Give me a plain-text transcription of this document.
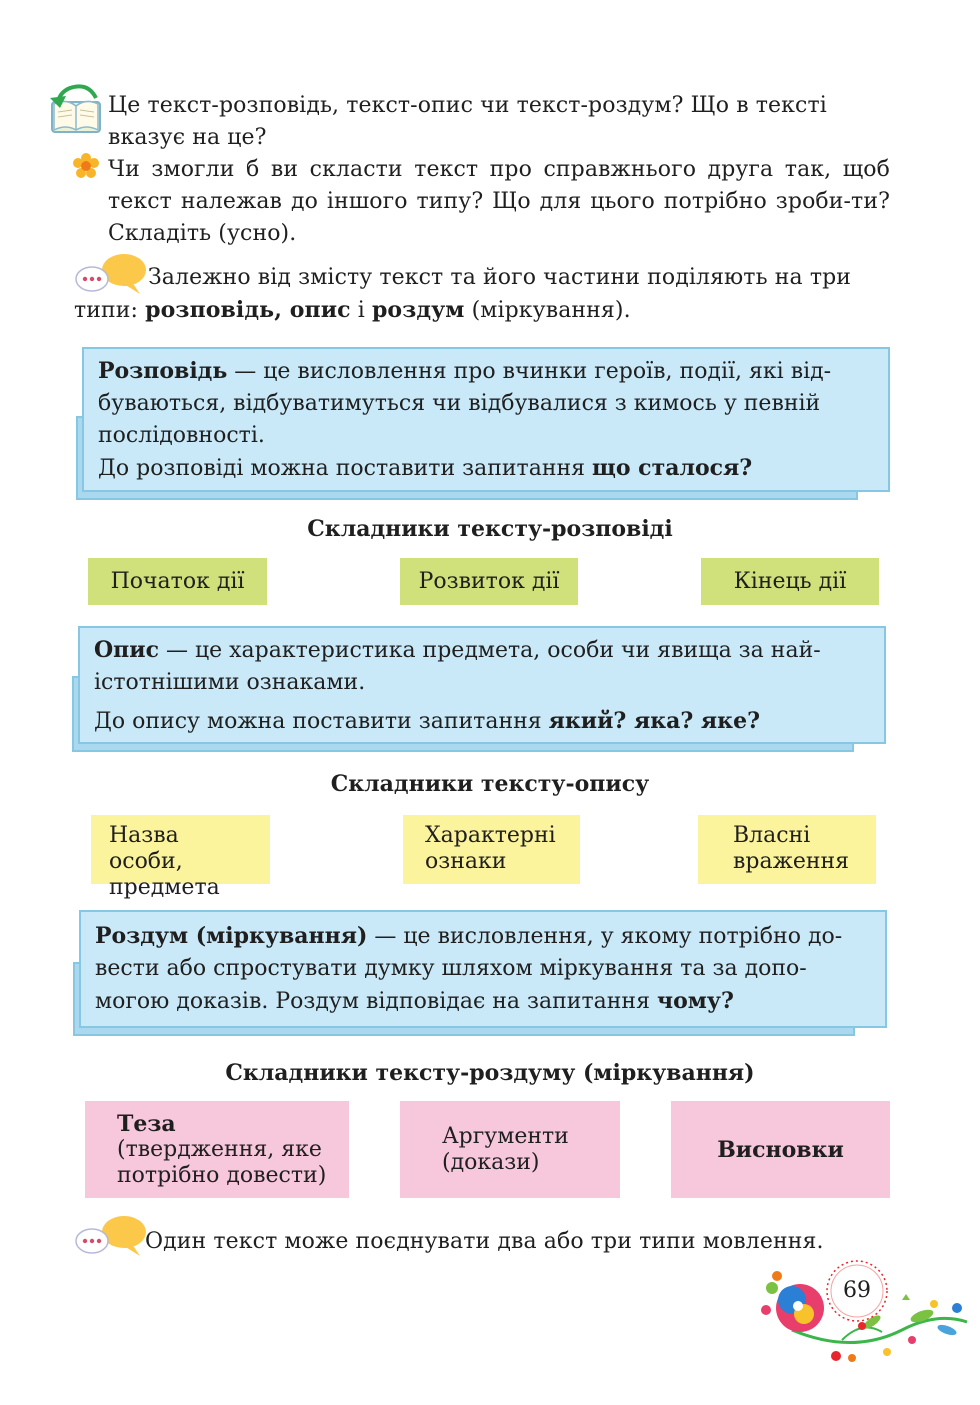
Це текст-розповідь, текст-опис чи текст-роздум? Що в тексті вказує на це?
Чи змогли б ви скласти текст про справжнього друга так, щоб текст належав до іншого типу? Що для цього потрібно зроби-ти? Складіть (усно).
Залежно від змісту текст та його частини поділяють на три
типи: розповідь, опис і роздум (міркування).
Розповідь — це висловлення про вчинки героїв, події, які від-
буваються, відбуватимуться чи відбувалися з кимось у певній
послідовності.
До розповіді можна поставити запитання що сталося?
Складники тексту-розповіді
Початок дії	Розвиток дії	Кінець дії
Опис — це характеристика предмета, особи чи явища за най-
істотнішими ознаками.
До опису можна поставити запитання який? яка? яке?
Складники тексту-опису
Назва особи,
предмета
Характерні
ознаки
Власні
враження
Роздум (міркування) — це висловлення, у якому потрібно до-
вести або спростувати думку шляхом міркування та за допо-
могою доказів. Роздум відповідає на запитання чому?
Складники тексту-роздуму (міркування)
Теза
(твердження, яке
потрібно довести)
Аргументи
(докази)	Висновки
Один текст може поєднувати два або три типи мовлення.
69
